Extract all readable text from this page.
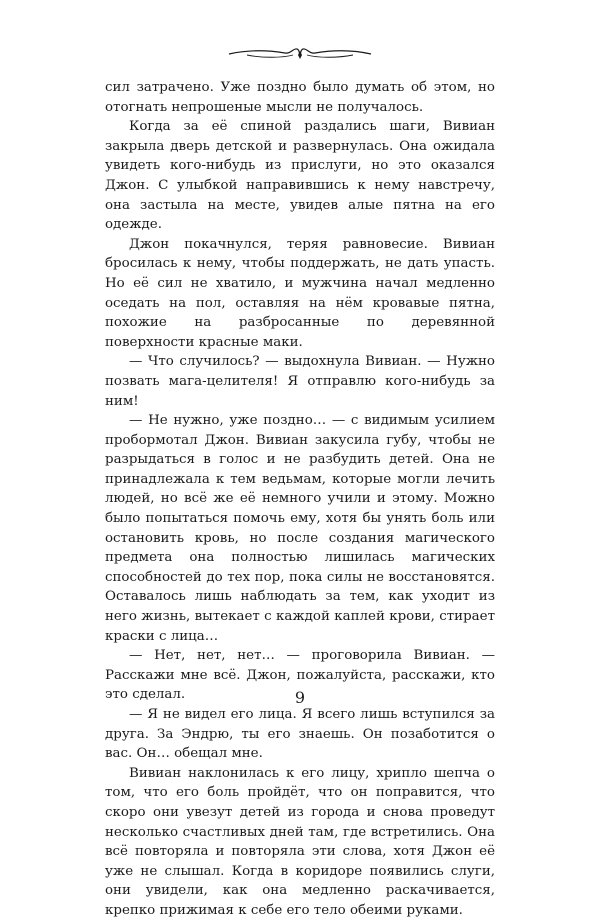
сил затрачено. Уже поздно было думать об этом, но отогнать непрошеные мысли не получалось.

Когда за её спиной раздались шаги, Вивиан закрыла дверь детской и развернулась. Она ожидала увидеть кого-нибудь из прислуги, но это оказался Джон. С улыбкой направившись к нему навстречу, она застыла на месте, увидев алые пятна на его одежде.

Джон покачнулся, теряя равновесие. Вивиан бросилась к нему, чтобы поддержать, не дать упасть. Но её сил не хватило, и мужчина начал медленно оседать на пол, оставляя на нём кровавые пятна, похожие на разбросанные по деревянной поверхности красные маки.

— Что случилось? — выдохнула Вивиан. — Нужно позвать мага-целителя! Я отправлю кого-нибудь за ним!

— Не нужно, уже поздно… — с видимым усилием пробормотал Джон. Вивиан закусила губу, чтобы не разрыдаться в голос и не разбудить детей. Она не принадлежала к тем ведьмам, которые могли лечить людей, но всё же её немного учили и этому. Можно было попытаться помочь ему, хотя бы унять боль или остановить кровь, но после создания магического предмета она полностью лишилась магических способностей до тех пор, пока силы не восстановятся. Оставалось лишь наблюдать за тем, как уходит из него жизнь, вытекает с каждой каплей крови, стирает краски с лица…

— Нет, нет, нет… — проговорила Вивиан. — Расскажи мне всё. Джон, пожалуйста, расскажи, кто это сделал.

— Я не видел его лица. Я всего лишь вступился за друга. За Эндрю, ты его знаешь. Он позаботится о вас. Он… обещал мне.

Вивиан наклонилась к его лицу, хрипло шепча о том, что его боль пройдёт, что он поправится, что скоро они увезут детей из города и снова проведут несколько счастливых дней там, где встретились. Она всё повторяла и повторяла эти слова, хотя Джон её уже не слышал. Когда в коридоре появились слуги, они увидели, как она медленно раскачивается, крепко прижимая к себе его тело обеими руками.

9
